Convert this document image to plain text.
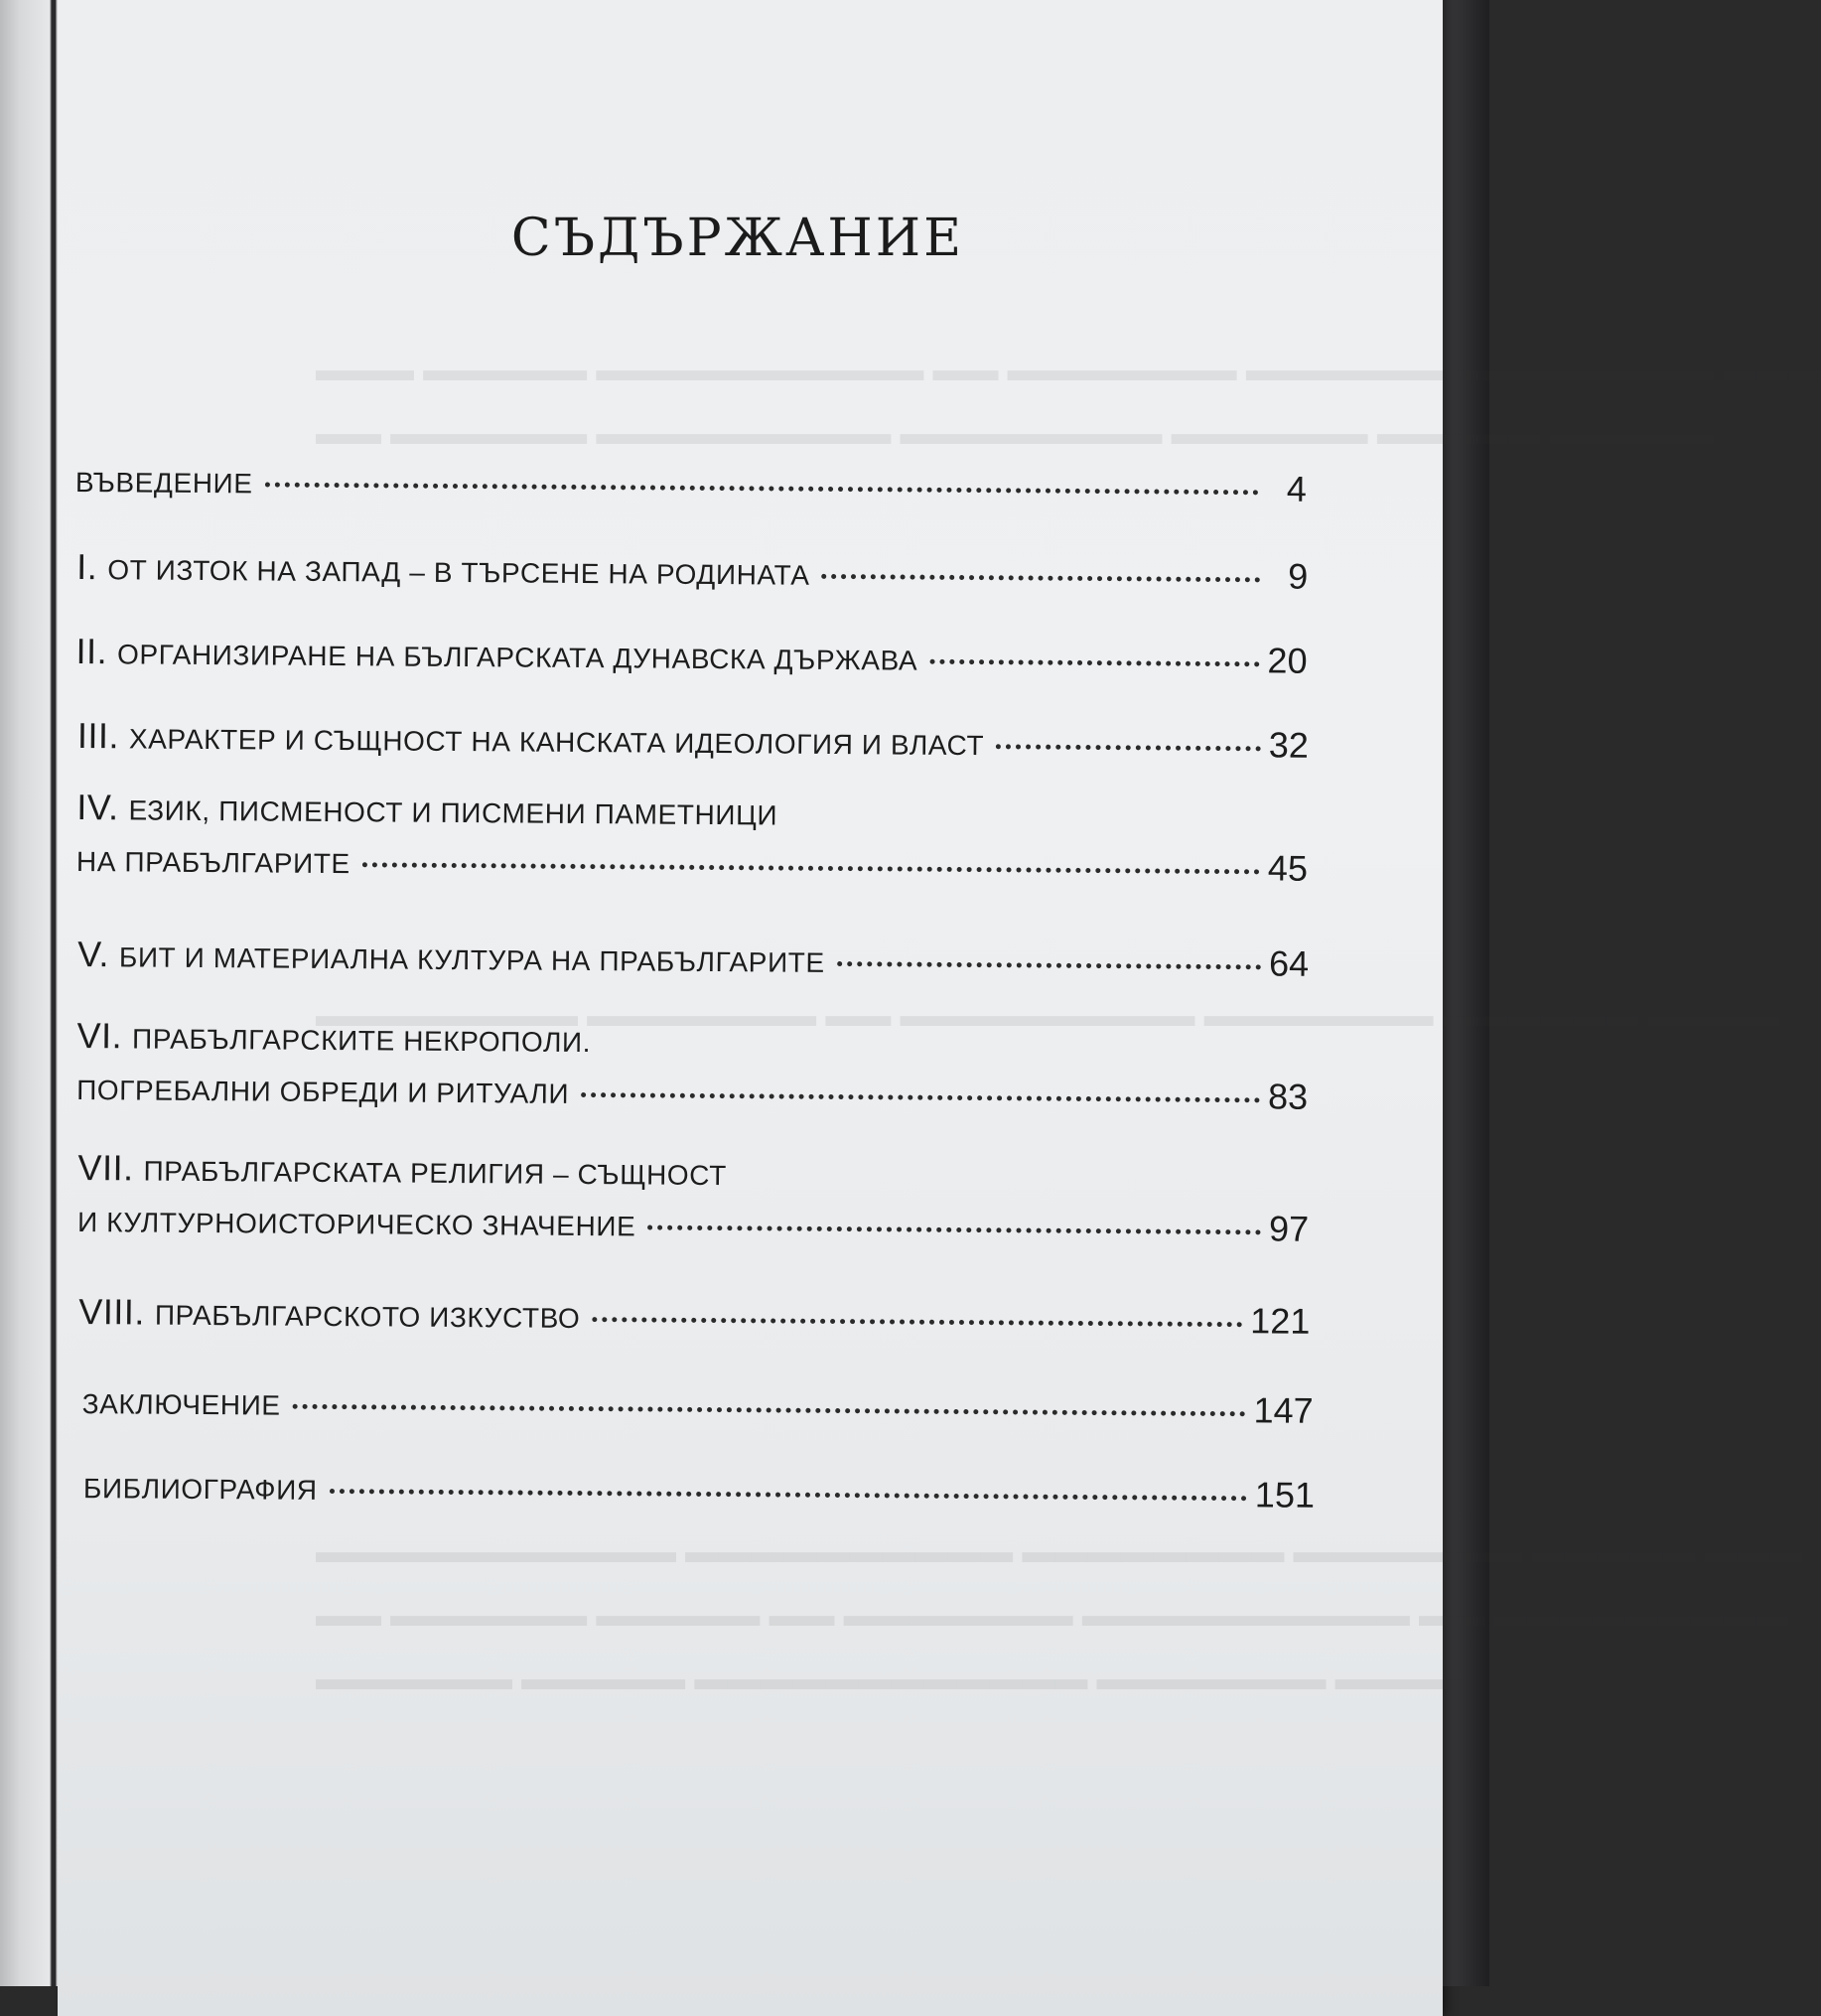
▬▬▬ ▬▬▬▬▬ ▬▬▬▬▬▬▬▬▬▬ ▬▬ ▬▬▬▬▬▬▬ ▬▬▬▬▬▬ ▬▬▬▬▬▬▬▬ ▬▬▬
▬▬ ▬▬▬▬▬▬ ▬▬▬▬▬▬▬▬▬ ▬▬▬▬▬▬▬▬ ▬▬▬▬▬▬ ▬▬▬▬▬ ▬▬▬▬▬
▬▬▬▬▬▬▬▬ ▬▬▬▬▬▬▬ ▬▬ ▬▬▬▬▬▬▬▬▬ ▬▬▬▬▬▬▬ ▬▬▬▬▬▬ ▬▬▬▬
▬▬▬▬▬▬▬▬▬▬▬ ▬▬▬▬▬▬▬▬▬▬ ▬▬▬▬▬▬▬▬ ▬▬▬▬▬▬▬ ▬▬▬▬▬ ▬▬▬
▬▬ ▬▬▬▬▬▬ ▬▬▬▬▬ ▬▬ ▬▬▬▬▬▬▬ ▬▬▬▬▬▬▬▬▬▬ ▬▬ ▬▬▬▬▬▬▬▬▬
▬▬▬▬▬▬ ▬▬▬▬▬ ▬▬▬▬▬▬▬▬▬▬▬▬ ▬▬▬▬▬▬▬ ▬▬▬▬
СЪДЪРЖАНИЕ
ВЪВЕДЕНИЕ	4
I. ОТ ИЗТОК НА ЗАПАД – В ТЪРСЕНЕ НА РОДИНАТА	9
II. ОРГАНИЗИРАНЕ НА БЪЛГАРСКАТА ДУНАВСКА ДЪРЖАВА	20
III. ХАРАКТЕР И СЪЩНОСТ НА КАНСКАТА ИДЕОЛОГИЯ И ВЛАСТ	32
IV. ЕЗИК, ПИСМЕНОСТ И ПИСМЕНИ ПАМЕТНИЦИ
НА ПРАБЪЛГАРИТЕ	45
V. БИТ И МАТЕРИАЛНА КУЛТУРА НА ПРАБЪЛГАРИТЕ	64
VI. ПРАБЪЛГАРСКИТЕ НЕКРОПОЛИ.
ПОГРЕБАЛНИ ОБРЕДИ И РИТУАЛИ	83
VII. ПРАБЪЛГАРСКАТА РЕЛИГИЯ – СЪЩНОСТ
И КУЛТУРНОИСТОРИЧЕСКО ЗНАЧЕНИЕ	97
VIII. ПРАБЪЛГАРСКОТО ИЗКУСТВО	121
ЗАКЛЮЧЕНИЕ	147
БИБЛИОГРАФИЯ	151
